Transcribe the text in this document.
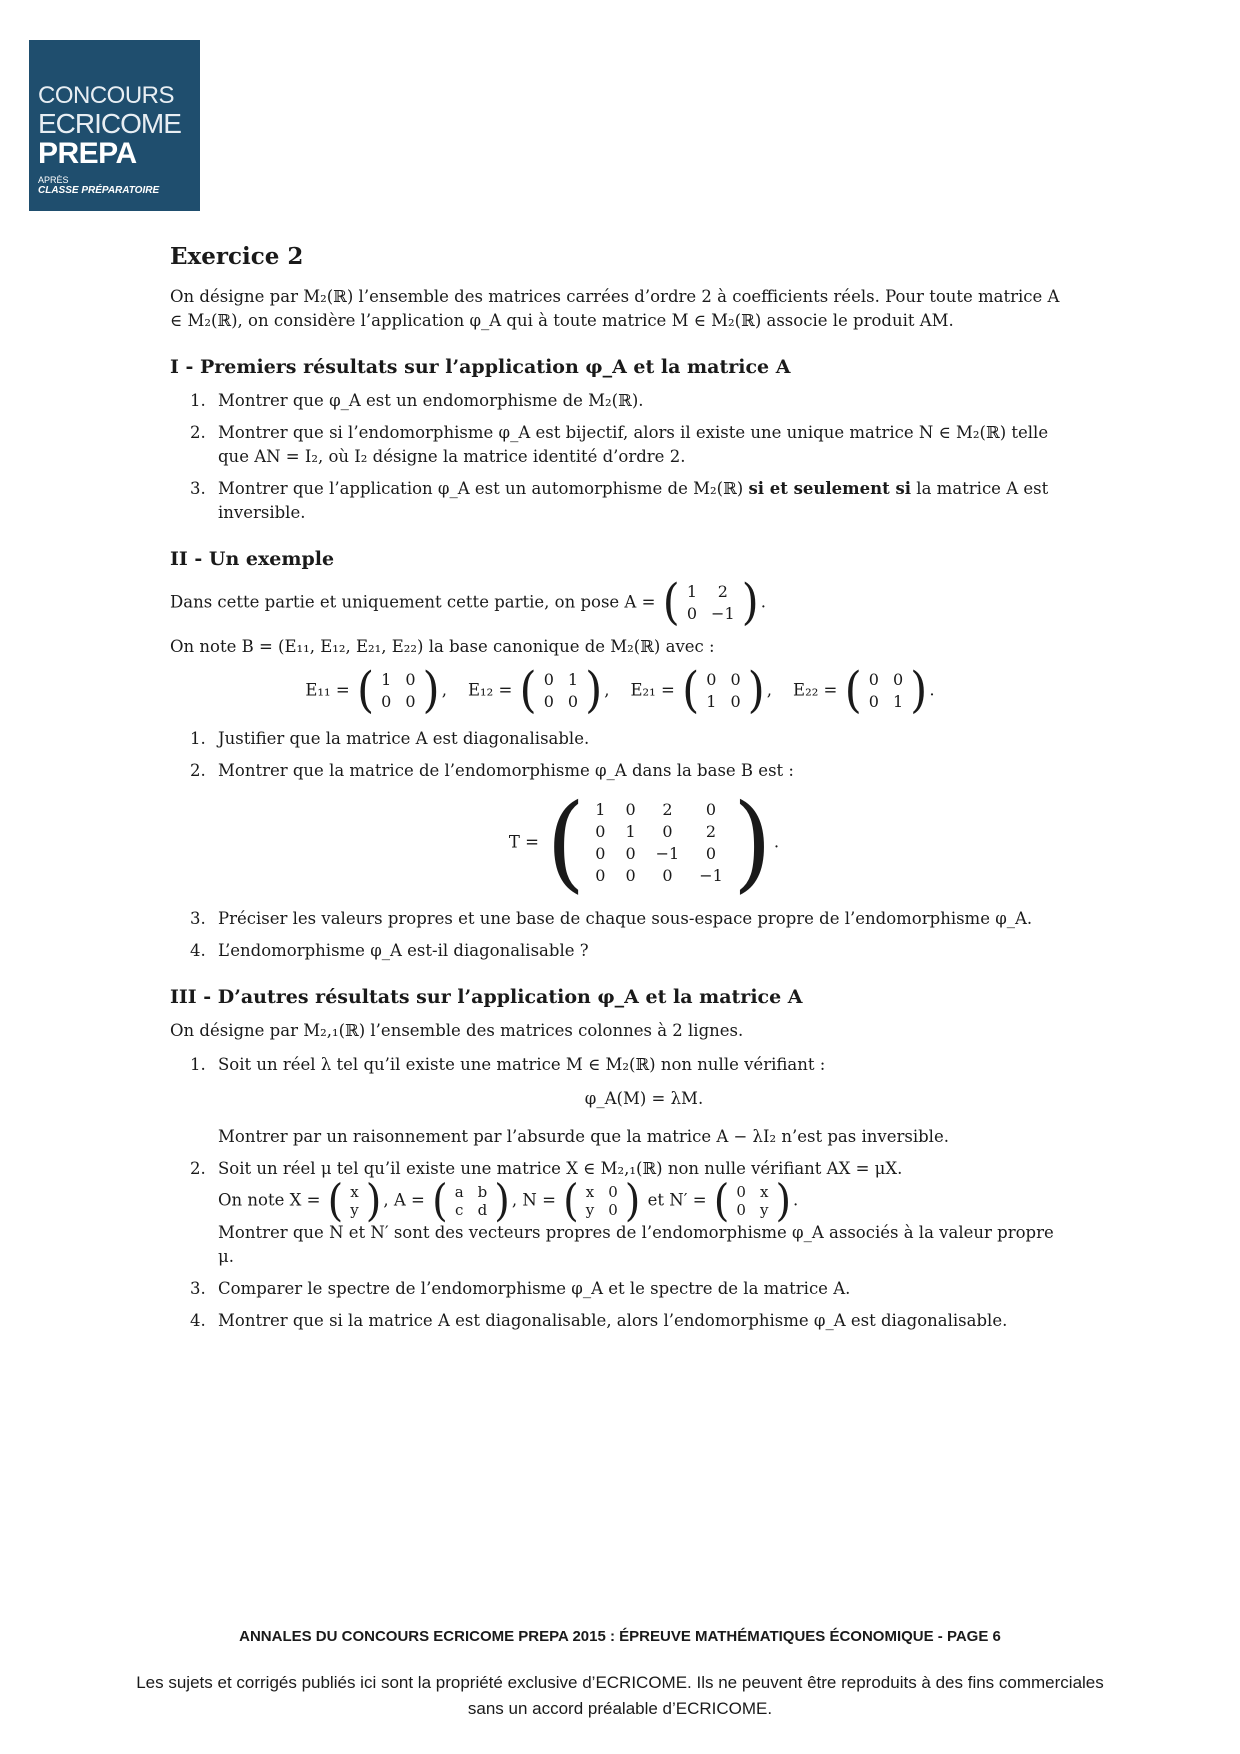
CONCOURS
ECRICOME
PREPA
APRÈS
CLASSE PRÉPARATOIRE
Exercice 2
On désigne par M₂(ℝ) l’ensemble des matrices carrées d’ordre 2 à coefficients réels. Pour toute matrice A ∈ M₂(ℝ), on considère l’application φ_A qui à toute matrice M ∈ M₂(ℝ) associe le produit AM.
I - Premiers résultats sur l’application φ_A et la matrice A
1. Montrer que φ_A est un endomorphisme de M₂(ℝ).
2. Montrer que si l’endomorphisme φ_A est bijectif, alors il existe une unique matrice N ∈ M₂(ℝ) telle que AN = I₂, où I₂ désigne la matrice identité d’ordre 2.
3. Montrer que l’application φ_A est un automorphisme de M₂(ℝ) si et seulement si la matrice A est inversible.
II - Un exemple
Dans cette partie et uniquement cette partie, on pose A = ( 1	2
0	−1 ) .
On note B = (E₁₁, E₁₂, E₂₁, E₂₂) la base canonique de M₂(ℝ) avec :
E₁₁ = ( 1	0
0	0 ) , E₁₂ = ( 0	1
0	0 ) , E₂₁ = ( 0	0
1	0 ) , E₂₂ = ( 0	0
0	1 ) .
1. Justifier que la matrice A est diagonalisable.
2. Montrer que la matrice de l’endomorphisme φ_A dans la base B est :
T = ( 1	0	2	0
0	1	0	2
0	0	−1	0
0	0	0	−1 ) .
3. Préciser les valeurs propres et une base de chaque sous-espace propre de l’endomorphisme φ_A.
4. L’endomorphisme φ_A est-il diagonalisable ?
III - D’autres résultats sur l’application φ_A et la matrice A
On désigne par M₂,₁(ℝ) l’ensemble des matrices colonnes à 2 lignes.
1. Soit un réel λ tel qu’il existe une matrice M ∈ M₂(ℝ) non nulle vérifiant :
φ_A(M) = λM.
Montrer par un raisonnement par l’absurde que la matrice A − λI₂ n’est pas inversible.
2. Soit un réel μ tel qu’il existe une matrice X ∈ M₂,₁(ℝ) non nulle vérifiant AX = μX.
On note X = ( x
y ) , A = ( a	b
c	d ) , N = ( x	0
y	0 ) et N′ = ( 0	x
0	y ) .
Montrer que N et N′ sont des vecteurs propres de l’endomorphisme φ_A associés à la valeur propre μ.
3. Comparer le spectre de l’endomorphisme φ_A et le spectre de la matrice A.
4. Montrer que si la matrice A est diagonalisable, alors l’endomorphisme φ_A est diagonalisable.
ANNALES DU CONCOURS ECRICOME PREPA 2015 : ÉPREUVE MATHÉMATIQUES ÉCONOMIQUE - PAGE 6
Les sujets et corrigés publiés ici sont la propriété exclusive d’ECRICOME. Ils ne peuvent être reproduits à des fins commerciales sans un accord préalable d’ECRICOME.
